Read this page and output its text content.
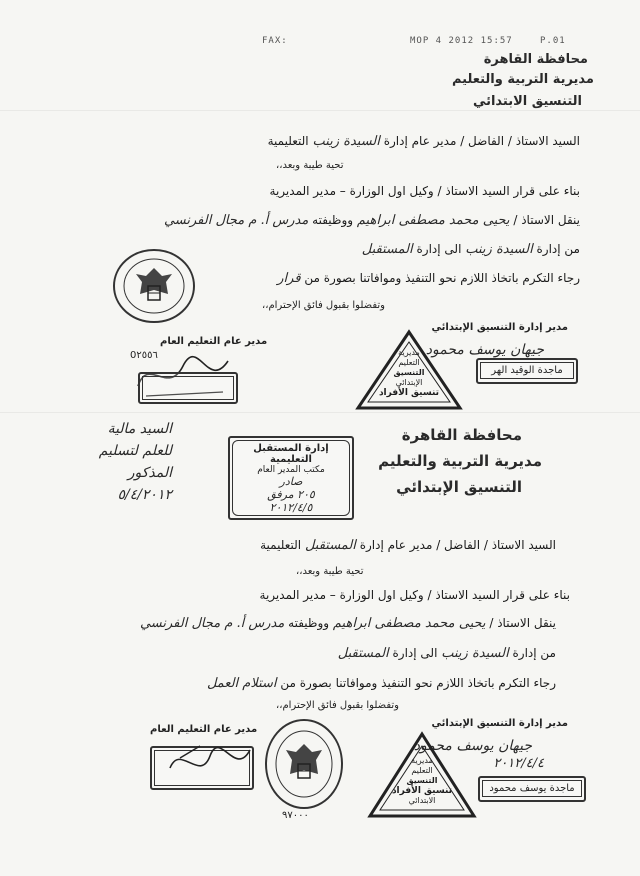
FAX:	MOP 4 2012 15:57	P.01
محافظة القاهرة
مديرية التربية والتعليم
التنسيق الابتدائي
السيد الاستاذ / الفاضل / مدير عام إدارة السيدة زينب التعليمية
تحية طيبة وبعد،،
بناء على قرار السيد الاستاذ / وكيل اول الوزارة – مدير المديرية
ينقل الاستاذ / يحيى محمد مصطفى ابراهيم ووظيفته مدرس أ. م مجال الفرنسي
من إدارة السيدة زينب الى إدارة المستقبل
رجاء التكرم باتخاذ اللازم نحو التنفيذ وموافاتنا بصورة من قرار
وتفضلوا بقبول فائق الإحترام،،
مدير عام التعليم العام
0٢٥٥٦
مدير إدارة التنسيق الإبتدائي
جيهان يوسف محمود
ماجدة الوقيد الهر
مديرية
التعليم
التنسيق
الإبتدائي
تنسيق الأفراد
السيد مالية
للعلم لتسليم
المذكور
٥/٤/٢٠١٢
إدارة المستقبل التعليمية
مكتب المدير العام
صادر
٢٠٥ مرفق
٢٠١٢/٤/٥
محافظة القاهرة
مديرية التربية والتعليم
التنسيق الإبتدائي
السيد الاستاذ / الفاضل / مدير عام إدارة المستقبل التعليمية
تحية طيبة وبعد،،
بناء على قرار السيد الاستاذ / وكيل اول الوزارة – مدير المديرية
ينقل الاستاذ / يحيى محمد مصطفى ابراهيم ووظيفته مدرس أ. م مجال الفرنسي
من إدارة السيدة زينب الى إدارة المستقبل
رجاء التكرم باتخاذ اللازم نحو التنفيذ وموافاتنا بصورة من استلام العمل
وتفضلوا بقبول فائق الإحترام،،
مدير عام التعليم العام
٩٧٠٠٠
مدير إدارة التنسيق الإبتدائي
جيهان يوسف محمود
٢٠١٢/٤/٤
ماجدة يوسف محمود
مديرية
التعليم
التنسيق
تنسيق الأفراد
الابتدائي
